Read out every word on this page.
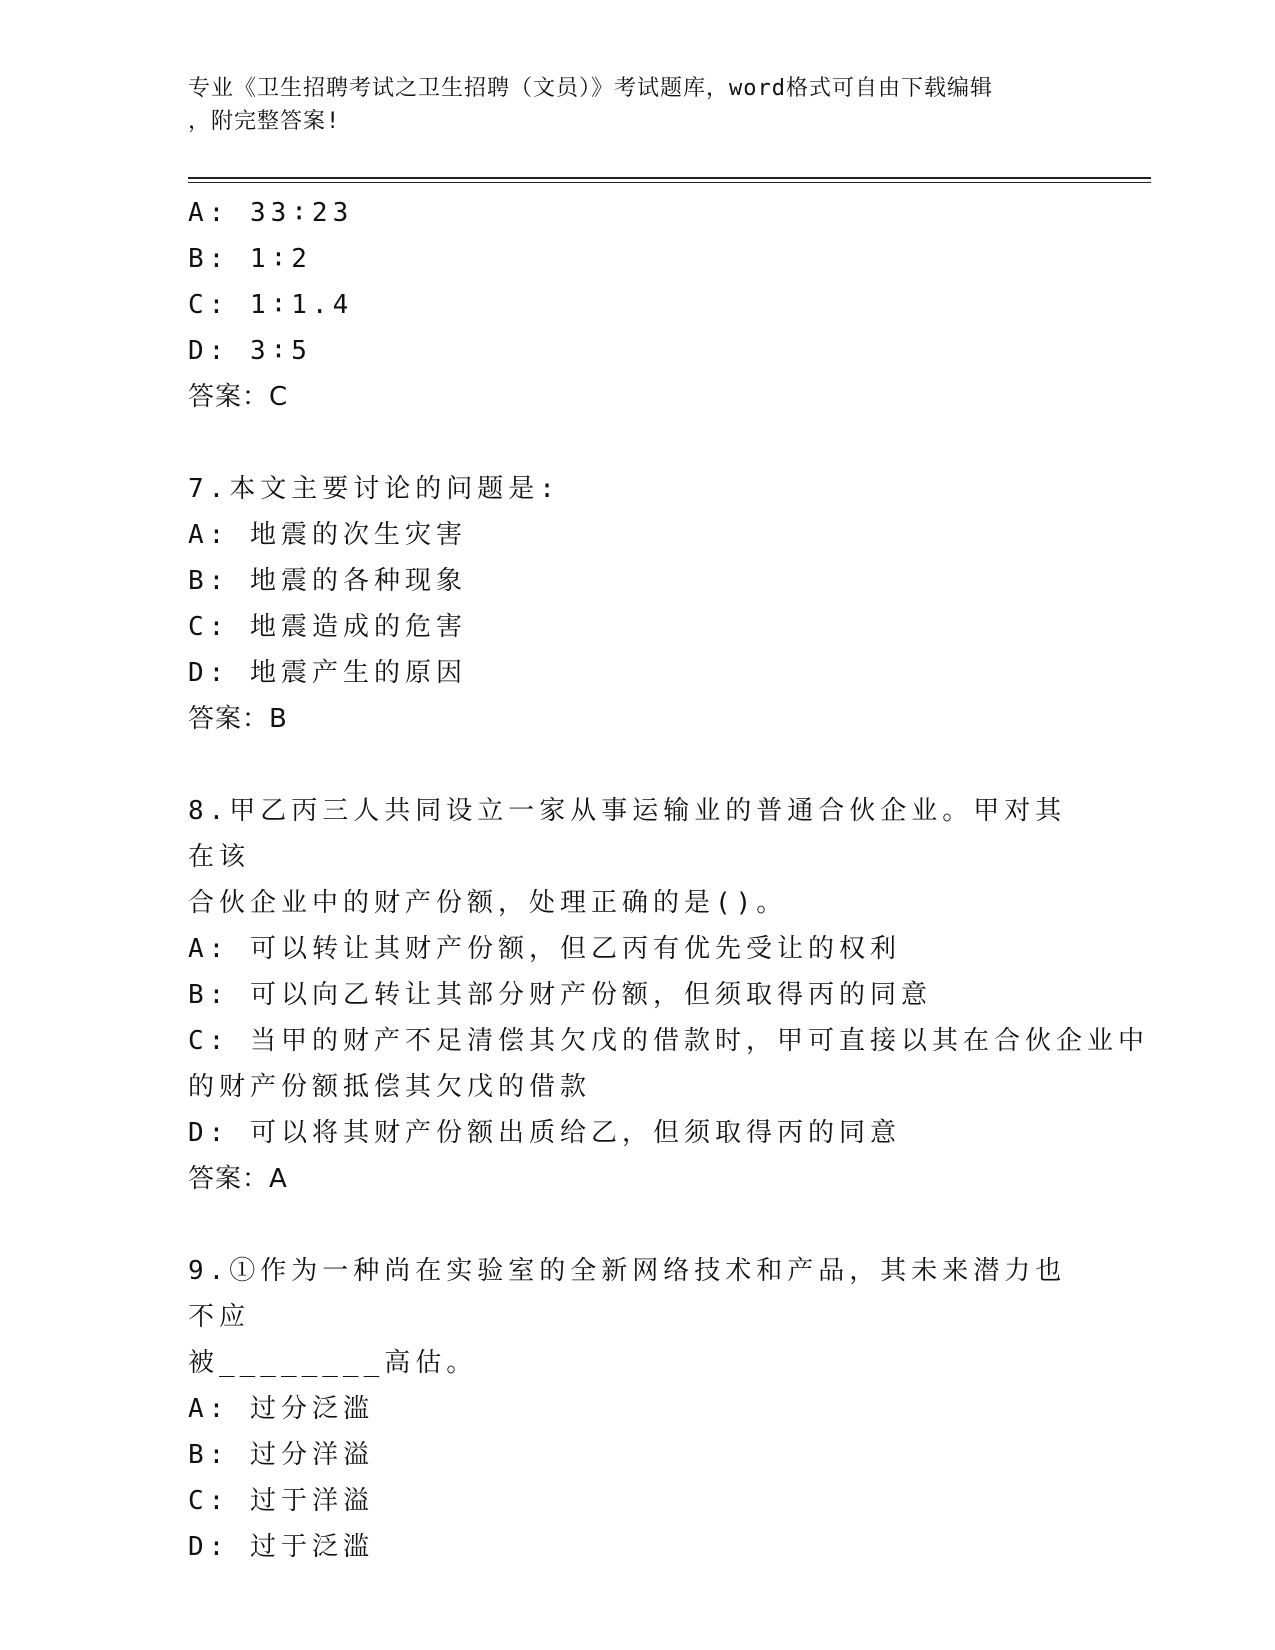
专业《卫生招聘考试之卫生招聘（文员）》考试题库，word格式可自由下载编辑
，附完整答案!
A: 33∶23
B: 1∶2
C: 1∶1.4
D: 3∶5
答案：C
7.本文主要讨论的问题是:
A: 地震的次生灾害
B: 地震的各种现象
C: 地震造成的危害
D: 地震产生的原因
答案：B
8.甲乙丙三人共同设立一家从事运输业的普通合伙企业。甲对其在该
合伙企业中的财产份额，处理正确的是()。
A: 可以转让其财产份额，但乙丙有优先受让的权利
B: 可以向乙转让其部分财产份额，但须取得丙的同意
C: 当甲的财产不足清偿其欠戊的借款时，甲可直接以其在合伙企业中
的财产份额抵偿其欠戊的借款
D: 可以将其财产份额出质给乙，但须取得丙的同意
答案：A
9.①作为一种尚在实验室的全新网络技术和产品，其未来潜力也不应
被________高估。
A: 过分泛滥
B: 过分洋溢
C: 过于洋溢
D: 过于泛滥
